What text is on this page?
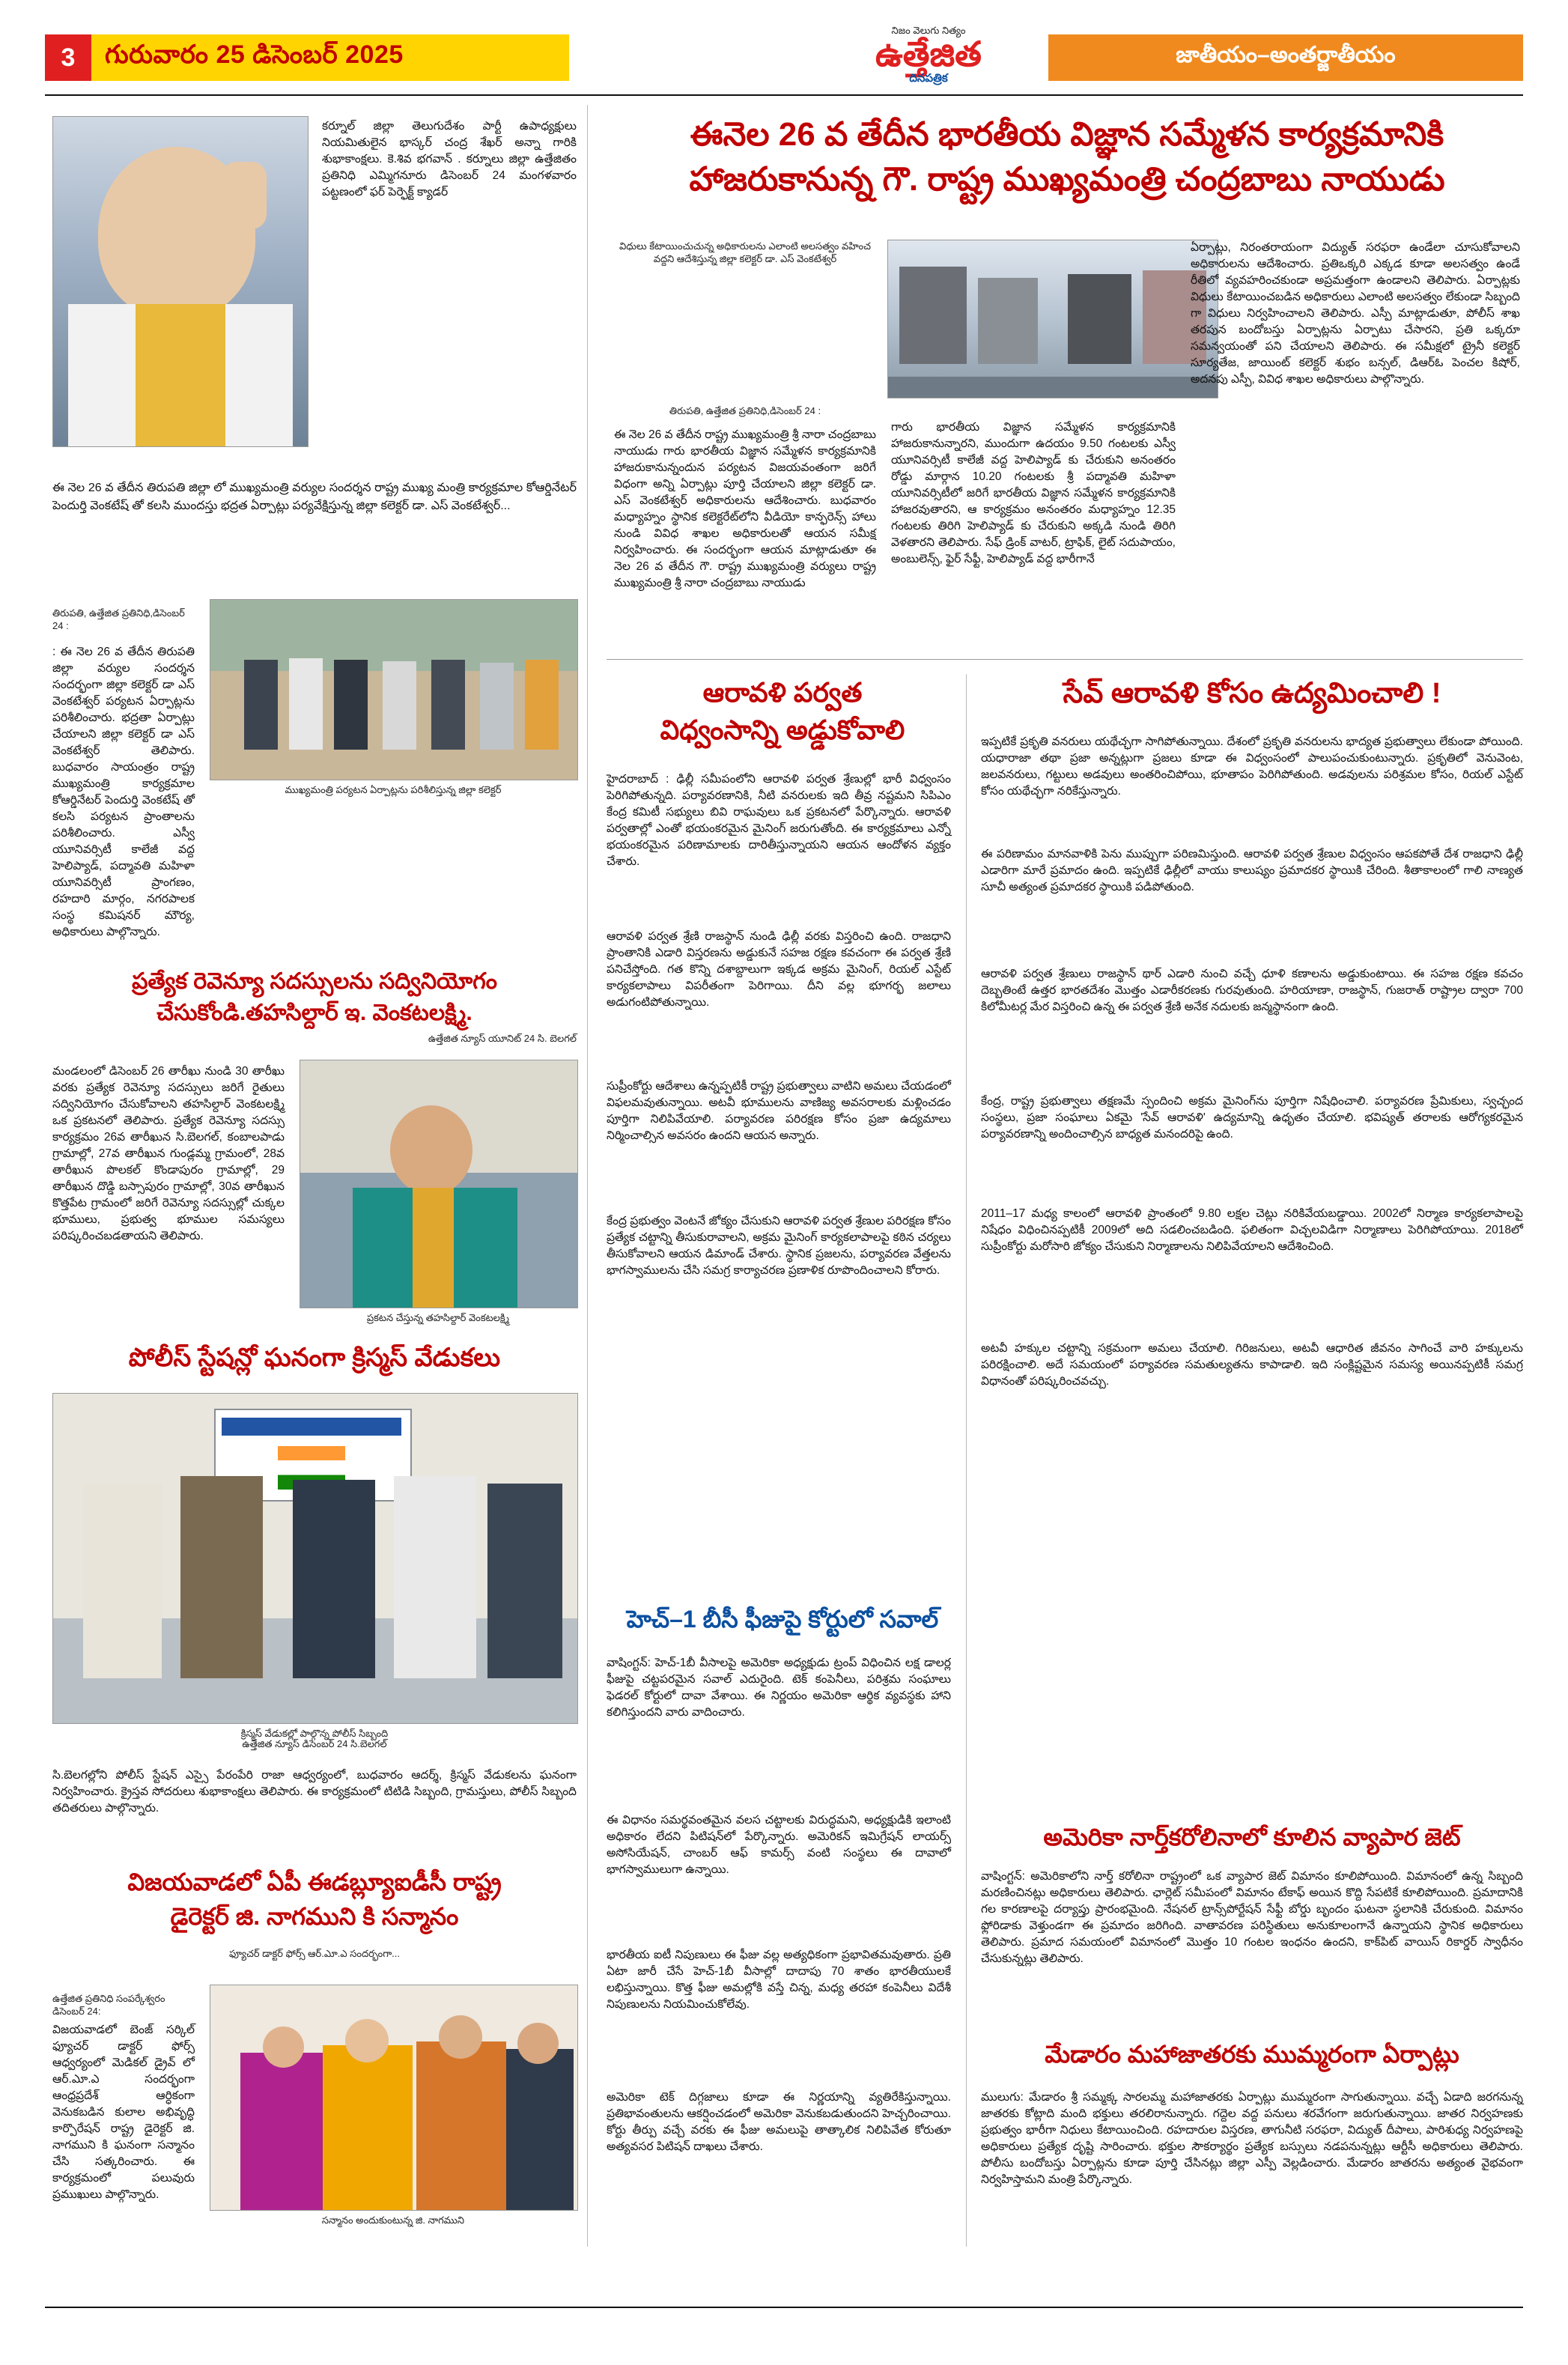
3	గురువారం 25 డిసెంబర్ 2025
నిజం వెలుగు నిత్యం
ఉత్తేజిత
దినపత్రిక
జాతీయం–అంతర్జాతీయం
కర్నూల్ జిల్లా తెలుగుదేశం పార్టీ ఉపాధ్యక్షులు నియమితులైన భాస్కర్ చంద్ర శేఖర్ అన్నా గారికి శుభాకాంక్షలు. కె.శివ భగవాన్ . కర్నూలు జిల్లా ఉత్తేజితం ప్రతినిధి ఎమ్మిగనూరు డిసెంబర్ 24 మంగళవారం పట్టణంలో ఫర్ పెర్ఫెక్ట్ క్యాడర్
ఈనెల 26 వ తేదీన భారతీయ విజ్ఞాన సమ్మేళన కార్యక్రమానికి
హాజరుకానున్న గౌ. రాష్ట్ర ముఖ్యమంత్రి చంద్రబాబు నాయుడు
విధులు కేటాయించుచున్న అధికారులను ఎలాంటి అలసత్వం వహించ వద్దని ఆదేశిస్తున్న జిల్లా కలెక్టర్ డా. ఎస్ వెంకటేశ్వర్
తిరుపతి, ఉత్తేజిత ప్రతినిధి,డిసెంబర్ 24 :
ఈ నెల 26 వ తేదీన రాష్ట్ర ముఖ్యమంత్రి శ్రీ నారా చంద్రబాబు నాయుడు గారు భారతీయ విజ్ఞాన సమ్మేళన కార్యక్రమానికి హాజరుకానున్నందున పర్యటన విజయవంతంగా జరిగే విధంగా అన్ని ఏర్పాట్లు పూర్తి చేయాలని జిల్లా కలెక్టర్ డా. ఎస్ వెంకటేశ్వర్ అధికారులను ఆదేశించారు. బుధవారం మధ్యాహ్నం స్థానిక కలెక్టరేట్‌లోని వీడియో కాన్ఫరెన్స్ హాలు నుండి వివిధ శాఖల అధికారులతో ఆయన సమీక్ష నిర్వహించారు. ఈ సందర్భంగా ఆయన మాట్లాడుతూ ఈ నెల 26 వ తేదీన గౌ. రాష్ట్ర ముఖ్యమంత్రి వర్యులు రాష్ట్ర ముఖ్యమంత్రి శ్రీ నారా చంద్రబాబు నాయుడు
గారు భారతీయ విజ్ఞాన సమ్మేళన కార్యక్రమానికి హాజరుకానున్నారని, ముందుగా ఉదయం 9.50 గంటలకు ఎస్వీ యూనివర్సిటీ కాలేజీ వద్ద హెలిప్యాడ్ కు చేరుకుని అనంతరం రోడ్డు మార్గాన 10.20 గంటలకు శ్రీ పద్మావతి మహిళా యూనివర్సిటీలో జరిగే భారతీయ విజ్ఞాన సమ్మేళన కార్యక్రమానికి హాజరవుతారని, ఆ కార్యక్రమం అనంతరం మధ్యాహ్నం 12.35 గంటలకు తిరిగి హెలిప్యాడ్ కు చేరుకుని అక్కడి నుండి తిరిగి వెళతారని తెలిపారు. సేఫ్ డ్రింక్ వాటర్, ట్రాఫిక్, లైట్ సదుపాయం, అంబులెన్స్, ఫైర్ సేఫ్టీ, హెలిప్యాడ్ వద్ద భారీగానే
ఏర్పాట్లు, నిరంతరాయంగా విద్యుత్ సరఫరా ఉండేలా చూసుకోవాలని అధికారులను ఆదేశించారు. ప్రతిఒక్కరి ఎక్కడ కూడా అలసత్వం ఉండే రీతిలో వ్యవహరించకుండా అప్రమత్తంగా ఉండాలని తెలిపారు. ఏర్పాట్లకు విధులు కేటాయించబడిన అధికారులు ఎలాంటి అలసత్వం లేకుండా సిబ్బంది గా విధులు నిర్వహించాలని తెలిపారు. ఎస్పీ మాట్లాడుతూ, పోలీస్ శాఖ తరపున బందోబస్తు ఏర్పాట్లను ఏర్పాటు చేసారని, ప్రతి ఒక్కరూ సమన్వయంతో పని చేయాలని తెలిపారు. ఈ సమీక్షలో ట్రైనీ కలెక్టర్ సూర్యతేజ, జాయింట్ కలెక్టర్ శుభం బన్సల్, డిఆర్ఓ పెంచల కిషోర్, అదనపు ఎస్పీ, వివిధ శాఖల అధికారులు పాల్గొన్నారు.
ఈ నెల 26 వ తేదీన తిరుపతి జిల్లా లో ముఖ్యమంత్రి వర్యుల సందర్శన రాష్ట్ర ముఖ్య మంత్రి కార్యక్రమాల కోఆర్డినేటర్ పెందుర్తి వెంకటేష్ తో కలసి ముందస్తు భద్రత ఏర్పాట్లు పర్యవేక్షిస్తున్న జిల్లా కలెక్టర్ డా. ఎస్ వెంకటేశ్వర్...
తిరుపతి, ఉత్తేజిత ప్రతినిధి,డిసెంబర్ 24 :
ముఖ్యమంత్రి పర్యటన ఏర్పాట్లను పరిశీలిస్తున్న జిల్లా కలెక్టర్
: ఈ నెల 26 వ తేదీన తిరుపతి జిల్లా వర్యుల సందర్శన సందర్భంగా జిల్లా కలెక్టర్ డా ఎస్ వెంకటేశ్వర్ పర్యటన ఏర్పాట్లను పరిశీలించారు. భద్రతా ఏర్పాట్లు చేయాలని జిల్లా కలెక్టర్ డా ఎస్ వెంకటేశ్వర్ తెలిపారు. బుధవారం సాయంత్రం రాష్ట్ర ముఖ్యమంత్రి కార్యక్రమాల కోఆర్డినేటర్ పెందుర్తి వెంకటేష్ తో కలసి పర్యటన ప్రాంతాలను పరిశీలించారు. ఎస్వీ యూనివర్సిటీ కాలేజీ వద్ద హెలిప్యాడ్, పద్మావతి మహిళా యూనివర్సిటీ ప్రాంగణం, రహదారి మార్గం, నగరపాలక సంస్థ కమిషనర్ మౌర్య, అధికారులు పాల్గొన్నారు.
ప్రత్యేక రెవెన్యూ సదస్సులను సద్వినియోగం
చేసుకోండి.తహసిల్దార్ ఇ. వెంకటలక్ష్మి.
ఉత్తేజిత న్యూస్ యూనిట్ 24 సి. బెలగల్
మండలంలో డిసెంబర్ 26 తారీఖు నుండి 30 తారీఖు వరకు ప్రత్యేక రెవెన్యూ సదస్సులు జరిగే రైతులు సద్వినియోగం చేసుకోవాలని తహసిల్దార్ వెంకటలక్ష్మి ఒక ప్రకటనలో తెలిపారు. ప్రత్యేక రెవెన్యూ సదస్సు కార్యక్రమం 26వ తారీఖున సి.బెలగల్, కంబాలపాడు గ్రామాల్లో, 27వ తారీఖున గుండ్లమ్మ గ్రామంలో, 28వ తారీఖున పొలకల్ కొండాపురం గ్రామాల్లో, 29 తారీఖున దొడ్డి బస్సాపురం గ్రామాల్లో, 30వ తారీఖున కొత్తపేట గ్రామంలో జరిగే రెవెన్యూ సదస్సుల్లో చుక్కల భూములు, ప్రభుత్వ భూముల సమస్యలు పరిష్కరించబడతాయని తెలిపారు.
ప్రకటన చేస్తున్న తహసిల్దార్ వెంకటలక్ష్మి
పోలీస్ స్టేషన్లో ఘనంగా క్రిస్మస్ వేడుకలు
క్రిస్మస్ వేడుకల్లో పాల్గొన్న పోలీస్ సిబ్బంది
ఉత్తేజిత న్యూస్ డిసెంబర్ 24 సి.బెలగల్
సి.బెలగల్లోని పోలీస్ స్టేషన్ ఎస్సై పేరంపేరి రాజా ఆధ్వర్యంలో, బుధవారం ఆదర్శ్, క్రిస్మస్ వేడుకలను ఘనంగా నిర్వహించారు. క్రైస్తవ సోదరులు శుభాకాంక్షలు తెలిపారు. ఈ కార్యక్రమంలో టిటిడి సిబ్బంది, గ్రామస్తులు, పోలీస్ సిబ్బంది తదితరులు పాల్గొన్నారు.
విజయవాడలో ఏపీ ఈడబ్ల్యూఐడీసీ రాష్ట్ర
డైరెక్టర్ జి. నాగముని కి సన్మానం
ఫ్యూచర్ డాక్టర్ ఫోర్స్ ఆర్.ఎూ.ఎ సందర్భంగా...
ఉత్తేజిత ప్రతినిధి సంపర్కేశ్వరం డిసెంబర్ 24:
సన్మానం అందుకుంటున్న జి. నాగముని
విజయవాడలో బెంజ్ సర్కిల్ ఫ్యూచర్ డాక్టర్ ఫోర్స్ ఆధ్వర్యంలో మెడికల్ డ్రైవ్ లో ఆర్.ఎూ.ఎ సందర్భంగా ఆంధ్రప్రదేశ్ ఆర్ధికంగా వెనుకబడిన కులాల అభివృద్ధి కార్పొరేషన్ రాష్ట్ర డైరెక్టర్ జి. నాగముని కి ఘనంగా సన్మానం చేసి సత్కరించారు. ఈ కార్యక్రమంలో పలువురు ప్రముఖులు పాల్గొన్నారు.
ఆరావళి పర్వత
విధ్వంసాన్ని అడ్డుకోవాలి
హైదరాబాద్ : ఢిల్లీ సమీపంలోని ఆరావళి పర్వత శ్రేణుల్లో భారీ విధ్వంసం పెరిగిపోతున్నది. పర్యావరణానికి, నీటి వనరులకు ఇది తీవ్ర నష్టమని సిపిఎం కేంద్ర కమిటీ సభ్యులు బివి రాఘవులు ఒక ప్రకటనలో పేర్కొన్నారు. ఆరావళి పర్వతాల్లో ఎంతో భయంకరమైన మైనింగ్ జరుగుతోంది. ఈ కార్యక్రమాలు ఎన్నో భయంకరమైన పరిణామాలకు దారితీస్తున్నాయని ఆయన ఆందోళన వ్యక్తం చేశారు.
ఆరావళి పర్వత శ్రేణి రాజస్థాన్ నుండి ఢిల్లీ వరకు విస్తరించి ఉంది. రాజధాని ప్రాంతానికి ఎడారి విస్తరణను అడ్డుకునే సహజ రక్షణ కవచంగా ఈ పర్వత శ్రేణి పనిచేస్తోంది. గత కొన్ని దశాబ్దాలుగా ఇక్కడ అక్రమ మైనింగ్, రియల్ ఎస్టేట్ కార్యకలాపాలు విపరీతంగా పెరిగాయి. దీని వల్ల భూగర్భ జలాలు అడుగంటిపోతున్నాయి.
సుప్రీంకోర్టు ఆదేశాలు ఉన్నప్పటికీ రాష్ట్ర ప్రభుత్వాలు వాటిని అమలు చేయడంలో విఫలమవుతున్నాయి. అటవీ భూములను వాణిజ్య అవసరాలకు మళ్లించడం పూర్తిగా నిలిపివేయాలి. పర్యావరణ పరిరక్షణ కోసం ప్రజా ఉద్యమాలు నిర్మించాల్సిన అవసరం ఉందని ఆయన అన్నారు.
కేంద్ర ప్రభుత్వం వెంటనే జోక్యం చేసుకుని ఆరావళి పర్వత శ్రేణుల పరిరక్షణ కోసం ప్రత్యేక చట్టాన్ని తీసుకురావాలని, అక్రమ మైనింగ్ కార్యకలాపాలపై కఠిన చర్యలు తీసుకోవాలని ఆయన డిమాండ్ చేశారు. స్థానిక ప్రజలను, పర్యావరణ వేత్తలను భాగస్వాములను చేసి సమగ్ర కార్యాచరణ ప్రణాళిక రూపొందించాలని కోరారు.
హెచ్–1 బీసీ ఫీజుపై కోర్టులో సవాల్
వాషింగ్టన్: హెచ్-1బీ వీసాలపై అమెరికా అధ్యక్షుడు ట్రంప్ విధించిన లక్ష డాలర్ల ఫీజుపై చట్టపరమైన సవాల్ ఎదురైంది. టెక్ కంపెనీలు, పరిశ్రమ సంఘాలు ఫెడరల్ కోర్టులో దావా వేశాయి. ఈ నిర్ణయం అమెరికా ఆర్థిక వ్యవస్థకు హాని కలిగిస్తుందని వారు వాదించారు.
ఈ విధానం సమర్థవంతమైన వలస చట్టాలకు విరుద్ధమని, అధ్యక్షుడికి ఇలాంటి అధికారం లేదని పిటిషన్‌లో పేర్కొన్నారు. అమెరికన్ ఇమిగ్రేషన్ లాయర్స్ అసోసియేషన్, చాంబర్ ఆఫ్ కామర్స్ వంటి సంస్థలు ఈ దావాలో భాగస్వాములుగా ఉన్నాయి.
భారతీయ ఐటీ నిపుణులు ఈ ఫీజు వల్ల అత్యధికంగా ప్రభావితమవుతారు. ప్రతి ఏటా జారీ చేసే హెచ్-1బీ వీసాల్లో దాదాపు 70 శాతం భారతీయులకే లభిస్తున్నాయి. కొత్త ఫీజు అమల్లోకి వస్తే చిన్న, మధ్య తరహా కంపెనీలు విదేశీ నిపుణులను నియమించుకోలేవు.
అమెరికా టెక్ దిగ్గజాలు కూడా ఈ నిర్ణయాన్ని వ్యతిరేకిస్తున్నాయి. ప్రతిభావంతులను ఆకర్షించడంలో అమెరికా వెనుకబడుతుందని హెచ్చరించాయి. కోర్టు తీర్పు వచ్చే వరకు ఈ ఫీజు అమలుపై తాత్కాలిక నిలిపివేత కోరుతూ అత్యవసర పిటిషన్ దాఖలు చేశారు.
సేవ్ ఆరావళి కోసం ఉద్యమించాలి !
ఇప్పటికే ప్రకృతి వనరులు యథేచ్ఛగా సాగిపోతున్నాయి. దేశంలో ప్రకృతి వనరులను భాద్యత ప్రభుత్వాలు లేకుండా పోయింది. యధారాజా తథా ప్రజా అన్నట్లుగా ప్రజలు కూడా ఈ విధ్వంసంలో పాలుపంచుకుంటున్నారు. ప్రకృతిలో వెనువెంట, జలవనరులు, గట్టులు అడవులు అంతరించిపోయి, భూతాపం పెరిగిపోతుంది. అడవులను పరిశ్రమల కోసం, రియల్ ఎస్టేట్ కోసం యథేచ్ఛగా నరికేస్తున్నారు.
ఈ పరిణామం మానవాళికి పెను ముప్పుగా పరిణమిస్తుంది. ఆరావళి పర్వత శ్రేణుల విధ్వంసం ఆపకపోతే దేశ రాజధాని ఢిల్లీ ఎడారిగా మారే ప్రమాదం ఉంది. ఇప్పటికే ఢిల్లీలో వాయు కాలుష్యం ప్రమాదకర స్థాయికి చేరింది. శీతాకాలంలో గాలి నాణ్యత సూచీ అత్యంత ప్రమాదకర స్థాయికి పడిపోతుంది.
ఆరావళి పర్వత శ్రేణులు రాజస్థాన్ థార్ ఎడారి నుంచి వచ్చే ధూళి కణాలను అడ్డుకుంటాయి. ఈ సహజ రక్షణ కవచం దెబ్బతింటే ఉత్తర భారతదేశం మొత్తం ఎడారీకరణకు గురవుతుంది. హరియాణా, రాజస్థాన్, గుజరాత్ రాష్ట్రాల ద్వారా 700 కిలోమీటర్ల మేర విస్తరించి ఉన్న ఈ పర్వత శ్రేణి అనేక నదులకు జన్మస్థానంగా ఉంది.
కేంద్ర, రాష్ట్ర ప్రభుత్వాలు తక్షణమే స్పందించి అక్రమ మైనింగ్‌ను పూర్తిగా నిషేధించాలి. పర్యావరణ ప్రేమికులు, స్వచ్ఛంద సంస్థలు, ప్రజా సంఘాలు ఏకమై 'సేవ్ ఆరావళి' ఉద్యమాన్ని ఉధృతం చేయాలి. భవిష్యత్ తరాలకు ఆరోగ్యకరమైన పర్యావరణాన్ని అందించాల్సిన బాధ్యత మనందరిపై ఉంది.
2011–17 మధ్య కాలంలో ఆరావళి ప్రాంతంలో 9.80 లక్షల చెట్లు నరికివేయబడ్డాయి. 2002లో నిర్మాణ కార్యకలాపాలపై నిషేధం విధించినప్పటికీ 2009లో అది సడలించబడింది. ఫలితంగా విచ్చలవిడిగా నిర్మాణాలు పెరిగిపోయాయి. 2018లో సుప్రీంకోర్టు మరోసారి జోక్యం చేసుకుని నిర్మాణాలను నిలిపివేయాలని ఆదేశించింది.
అటవీ హక్కుల చట్టాన్ని సక్రమంగా అమలు చేయాలి. గిరిజనులు, అటవీ ఆధారిత జీవనం సాగించే వారి హక్కులను పరిరక్షించాలి. అదే సమయంలో పర్యావరణ సమతుల్యతను కాపాడాలి. ఇది సంక్లిష్టమైన సమస్య అయినప్పటికీ సమగ్ర విధానంతో పరిష్కరించవచ్చు.
అమెరికా నార్త్‌కరోలినాలో కూలిన వ్యాపార జెట్
వాషింగ్టన్: అమెరికాలోని నార్త్ కరోలినా రాష్ట్రంలో ఒక వ్యాపార జెట్ విమానం కూలిపోయింది. విమానంలో ఉన్న సిబ్బంది మరణించినట్లు అధికారులు తెలిపారు. ఛార్లెట్ సమీపంలో విమానం టేకాఫ్ అయిన కొద్ది సేపటికే కూలిపోయింది. ప్రమాదానికి గల కారణాలపై దర్యాప్తు ప్రారంభమైంది. నేషనల్ ట్రాన్స్‌పోర్టేషన్ సేఫ్టీ బోర్డు బృందం ఘటనా స్థలానికి చేరుకుంది. విమానం ఫ్లోరిడాకు వెళ్తుండగా ఈ ప్రమాదం జరిగింది. వాతావరణ పరిస్థితులు అనుకూలంగానే ఉన్నాయని స్థానిక అధికారులు తెలిపారు. ప్రమాద సమయంలో విమానంలో మొత్తం 10 గంటల ఇంధనం ఉందని, కాక్‌పిట్ వాయిస్ రికార్డర్ స్వాధీనం చేసుకున్నట్లు తెలిపారు.
మేడారం మహాజాతరకు ముమ్మరంగా ఏర్పాట్లు
ములుగు: మేడారం శ్రీ సమ్మక్క సారలమ్మ మహాజాతరకు ఏర్పాట్లు ముమ్మరంగా సాగుతున్నాయి. వచ్చే ఏడాది జరగనున్న జాతరకు కోట్లాది మంది భక్తులు తరలిరానున్నారు. గద్దెల వద్ద పనులు శరవేగంగా జరుగుతున్నాయి. జాతర నిర్వహణకు ప్రభుత్వం భారీగా నిధులు కేటాయించింది. రహదారుల విస్తరణ, తాగునీటి సరఫరా, విద్యుత్ దీపాలు, పారిశుధ్య నిర్వహణపై అధికారులు ప్రత్యేక దృష్టి సారించారు. భక్తుల సౌకర్యార్థం ప్రత్యేక బస్సులు నడపనున్నట్లు ఆర్టీసీ అధికారులు తెలిపారు. పోలీసు బందోబస్తు ఏర్పాట్లను కూడా పూర్తి చేసినట్లు జిల్లా ఎస్పీ వెల్లడించారు. మేడారం జాతరను అత్యంత వైభవంగా నిర్వహిస్తామని మంత్రి పేర్కొన్నారు.
